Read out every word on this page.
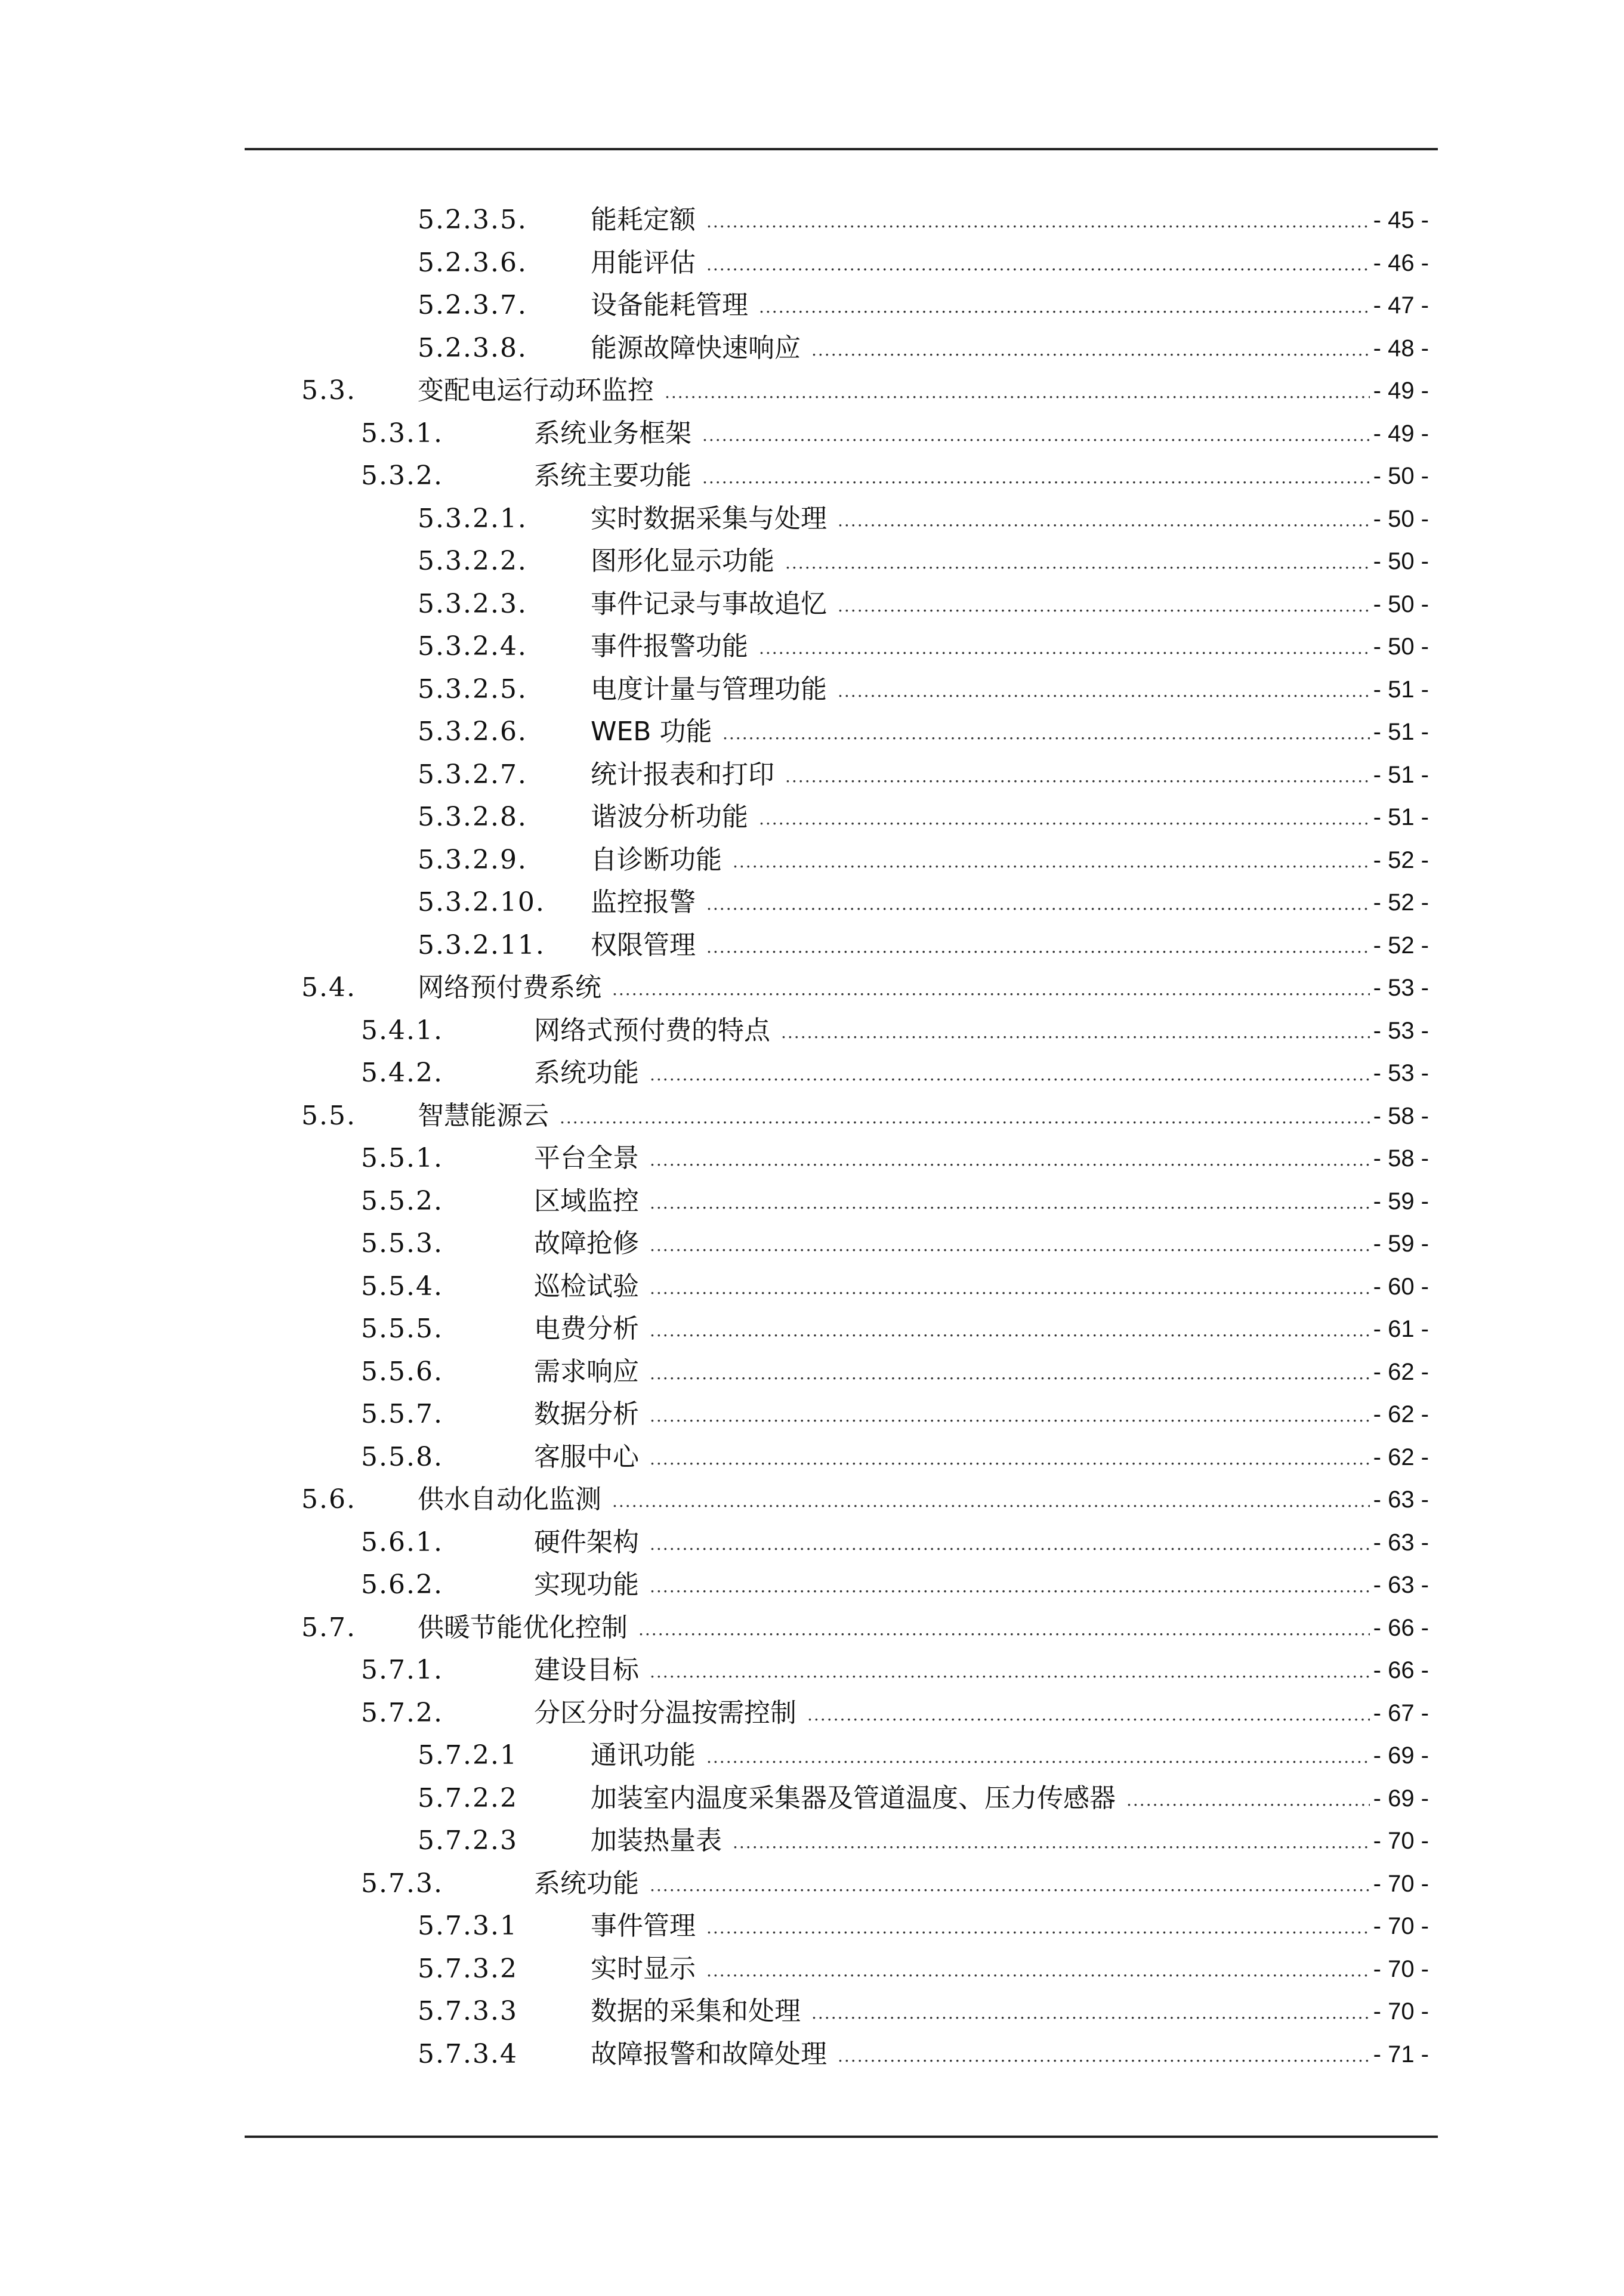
5.2.3.5. 能耗定额 .....	- 45 -
5.2.3.6. 用能评估 .....	- 46 -
5.2.3.7. 设备能耗管理 .....	- 47 -
5.2.3.8. 能源故障快速响应 .....	- 48 -
5.3. 变配电运行动环监控 .....	- 49 -
5.3.1.	系统业务框架 .....	- 49 -
5.3.2.	系统主要功能 .....	- 50 -
5.3.2.1. 实时数据采集与处理 .....	- 50 -
5.3.2.2. 图形化显示功能 .....	- 50 -
5.3.2.3. 事件记录与事故追忆 .....	- 50 -
5.3.2.4. 事件报警功能 .....	- 50 -
5.3.2.5. 电度计量与管理功能 .....	- 51 -
5.3.2.6. WEB 功能 .....	- 51 -
5.3.2.7. 统计报表和打印 .....	- 51 -
5.3.2.8. 谐波分析功能 .....	- 51 -
5.3.2.9. 自诊断功能 .....	- 52 -
5.3.2.10. 监控报警 .....	- 52 -
5.3.2.11. 权限管理 .....	- 52 -
5.4. 网络预付费系统 .....	- 53 -
5.4.1.	网络式预付费的特点 .....	- 53 -
5.4.2.	系统功能 .....	- 53 -
5.5. 智慧能源云 .....	- 58 -
5.5.1.	平台全景 .....	- 58 -
5.5.2.	区域监控 .....	- 59 -
5.5.3.	故障抢修 .....	- 59 -
5.5.4.	巡检试验 .....	- 60 -
5.5.5.	电费分析 .....	- 61 -
5.5.6.	需求响应 .....	- 62 -
5.5.7.	数据分析 .....	- 62 -
5.5.8.	客服中心 .....	- 62 -
5.6. 供水自动化监测 .....	- 63 -
5.6.1.	硬件架构 .....	- 63 -
5.6.2.	实现功能 .....	- 63 -
5.7. 供暖节能优化控制 .....	- 66 -
5.7.1.	建设目标 .....	- 66 -
5.7.2.	分区分时分温按需控制 .....	- 67 -
5.7.2.1	通讯功能 .....	- 69 -
5.7.2.2	加装室内温度采集器及管道温度、压力传感器 .....	- 69 -
5.7.2.3	加装热量表 .....	- 70 -
5.7.3.	系统功能 .....	- 70 -
5.7.3.1	事件管理 .....	- 70 -
5.7.3.2	实时显示 .....	- 70 -
5.7.3.3	数据的采集和处理 .....	- 70 -
5.7.3.4	故障报警和故障处理 .....	- 71 -
